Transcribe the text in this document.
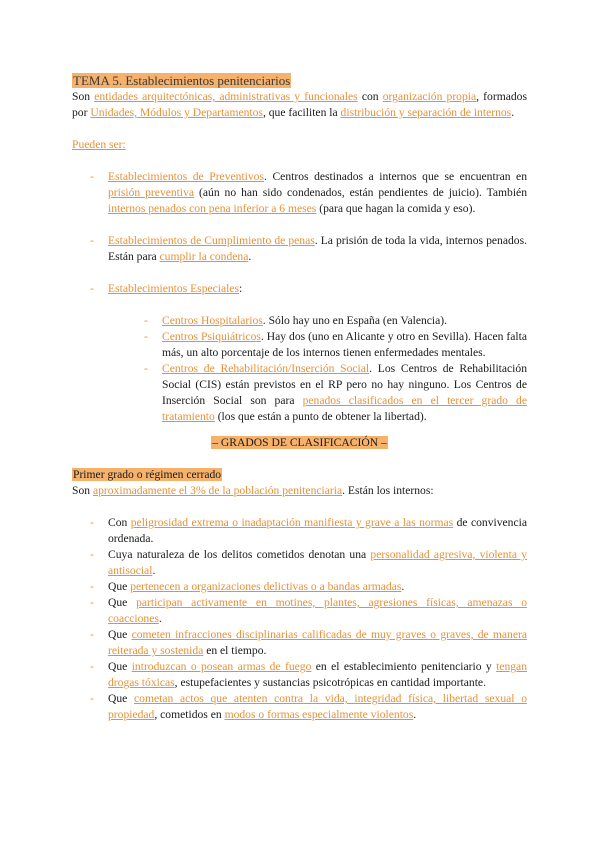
TEMA 5. Establecimientos penitenciarios

Son entidades arquitectónicas, administrativas y funcionales con organización propia, formados por Unidades, Módulos y Departamentos, que faciliten la distribución y separación de internos.

Pueden ser:
- Establecimientos de Preventivos. Centros destinados a internos que se encuentran en prisión preventiva (aún no han sido condenados, están pendientes de juicio). También internos penados con pena inferior a 6 meses (para que hagan la comida y eso).
- Establecimientos de Cumplimiento de penas. La prisión de toda la vida, internos penados. Están para cumplir la condena.
- Establecimientos Especiales:
- Centros Hospitalarios. Sólo hay uno en España (en Valencia).
- Centros Psiquiátricos. Hay dos (uno en Alicante y otro en Sevilla). Hacen falta más, un alto porcentaje de los internos tienen enfermedades mentales.
- Centros de Rehabilitación/Inserción Social. Los Centros de Rehabilitación Social (CIS) están previstos en el RP pero no hay ninguno. Los Centros de Inserción Social son para penados clasificados en el tercer grado de tratamiento (los que están a punto de obtener la libertad).
– GRADOS DE CLASIFICACIÓN –
Primer grado o régimen cerrado

Son aproximadamente el 3% de la población penitenciaria. Están los internos:

- Con peligrosidad extrema o inadaptación manifiesta y grave a las normas de convivencia ordenada.
- Cuya naturaleza de los delitos cometidos denotan una personalidad agresiva, violenta y antisocial.
- Que pertenecen a organizaciones delictivas o a bandas armadas.
- Que participan activamente en motines, plantes, agresiones físicas, amenazas o coacciones.
- Que cometen infracciones disciplinarias calificadas de muy graves o graves, de manera reiterada y sostenida en el tiempo.
- Que introduzcan o posean armas de fuego en el establecimiento penitenciario y tengan drogas tóxicas, estupefacientes y sustancias psicotrópicas en cantidad importante.
- Que cometan actos que atenten contra la vida, integridad física, libertad sexual o propiedad, cometidos en modos o formas especialmente violentos.
